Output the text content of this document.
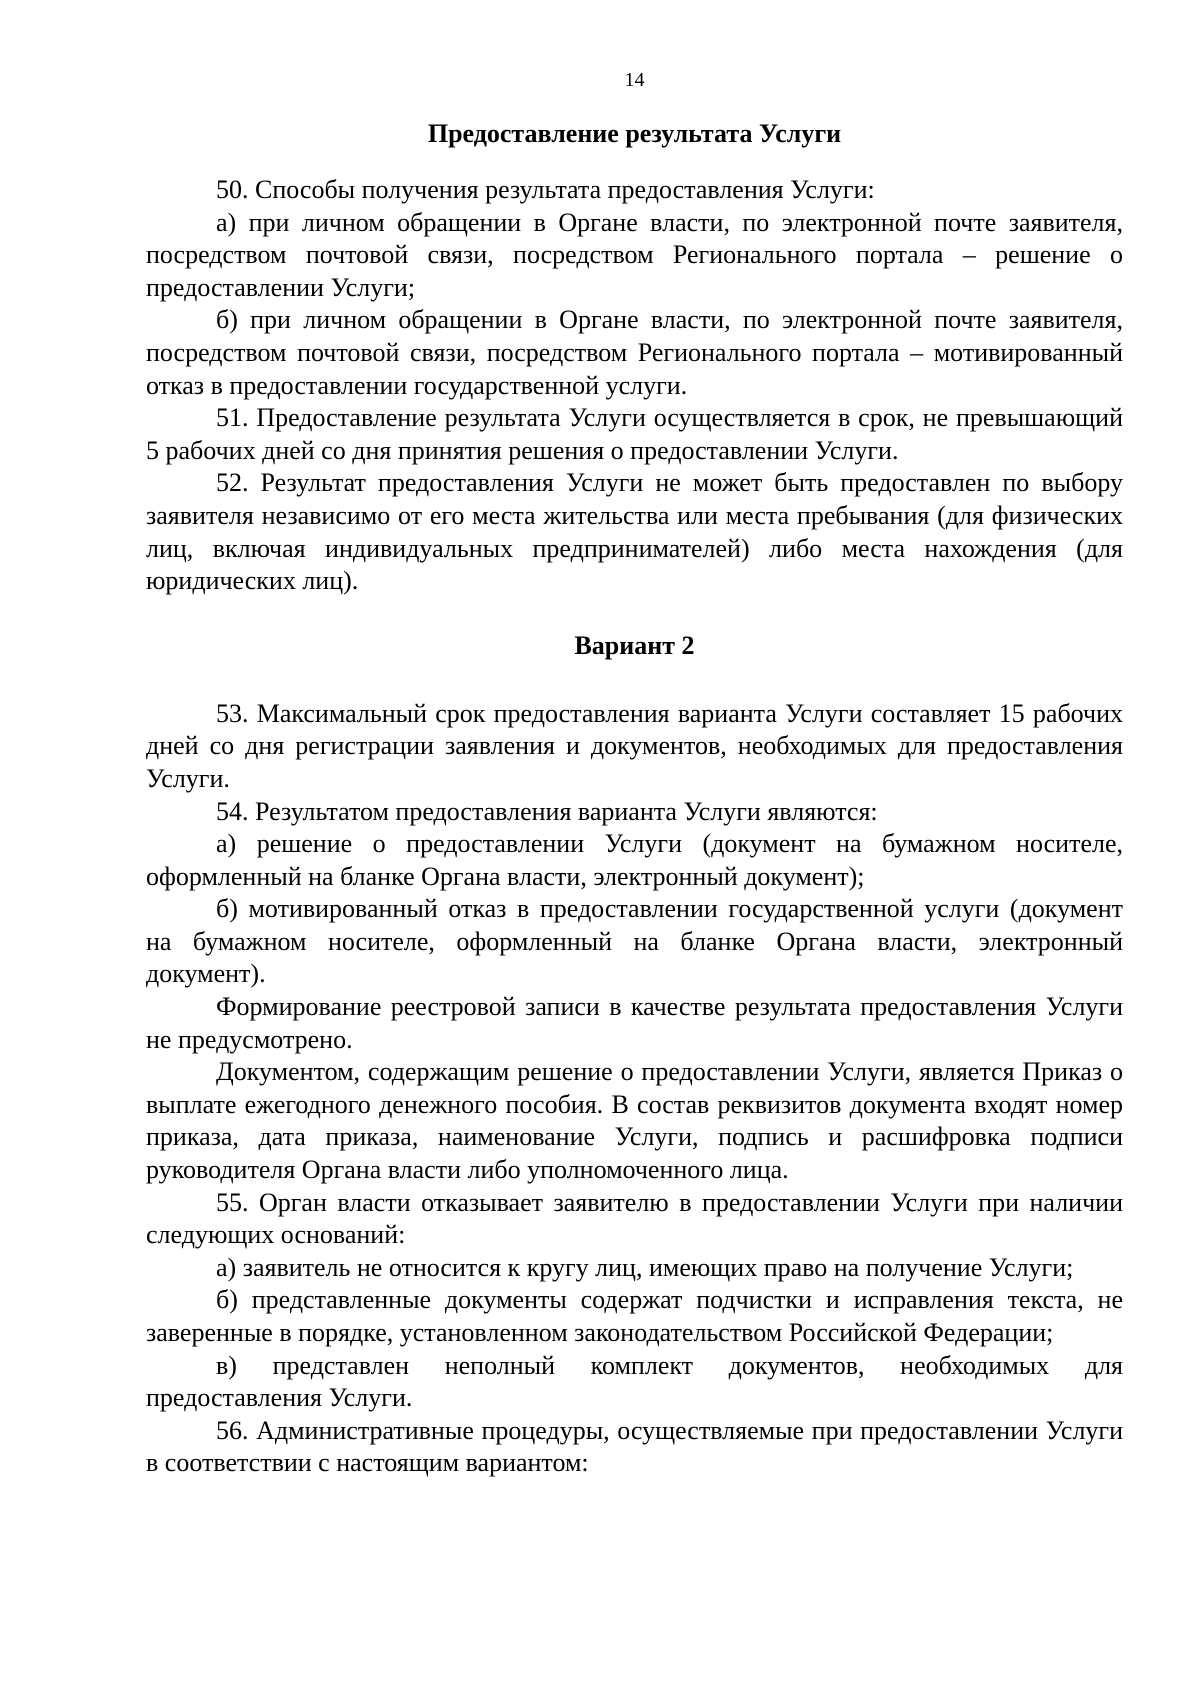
14
Предоставление результата Услуги

50. Способы получения результата предоставления Услуги:

а) при личном обращении в Органе власти, по электронной почте заявителя, посредством почтовой связи, посредством Регионального портала – решение о предоставлении Услуги;

б) при личном обращении в Органе власти, по электронной почте заявителя, посредством почтовой связи, посредством Регионального портала – мотивированный отказ в предоставлении государственной услуги.

51. Предоставление результата Услуги осуществляется в срок, не превышающий 5 рабочих дней со дня принятия решения о предоставлении Услуги.

52. Результат предоставления Услуги не может быть предоставлен по выбору заявителя независимо от его места жительства или места пребывания (для физических лиц, включая индивидуальных предпринимателей) либо места нахождения (для юридических лиц).

Вариант 2

53. Максимальный срок предоставления варианта Услуги составляет 15 рабочих дней со дня регистрации заявления и документов, необходимых для предоставления Услуги.

54. Результатом предоставления варианта Услуги являются:

а) решение о предоставлении Услуги (документ на бумажном носителе, оформленный на бланке Органа власти, электронный документ);

б) мотивированный отказ в предоставлении государственной услуги (документ на бумажном носителе, оформленный на бланке Органа власти, электронный документ).

Формирование реестровой записи в качестве результата предоставления Услуги не предусмотрено.

Документом, содержащим решение о предоставлении Услуги, является Приказ о выплате ежегодного денежного пособия. В состав реквизитов документа входят номер приказа, дата приказа, наименование Услуги, подпись и расшифровка подписи руководителя Органа власти либо уполномоченного лица.

55. Орган власти отказывает заявителю в предоставлении Услуги при наличии следующих оснований:

а) заявитель не относится к кругу лиц, имеющих право на получение Услуги;

б) представленные документы содержат подчистки и исправления текста, не заверенные в порядке, установленном законодательством Российской Федерации;

в) представлен неполный комплект документов, необходимых для предоставления Услуги.

56. Административные процедуры, осуществляемые при предоставлении Услуги в соответствии с настоящим вариантом:
